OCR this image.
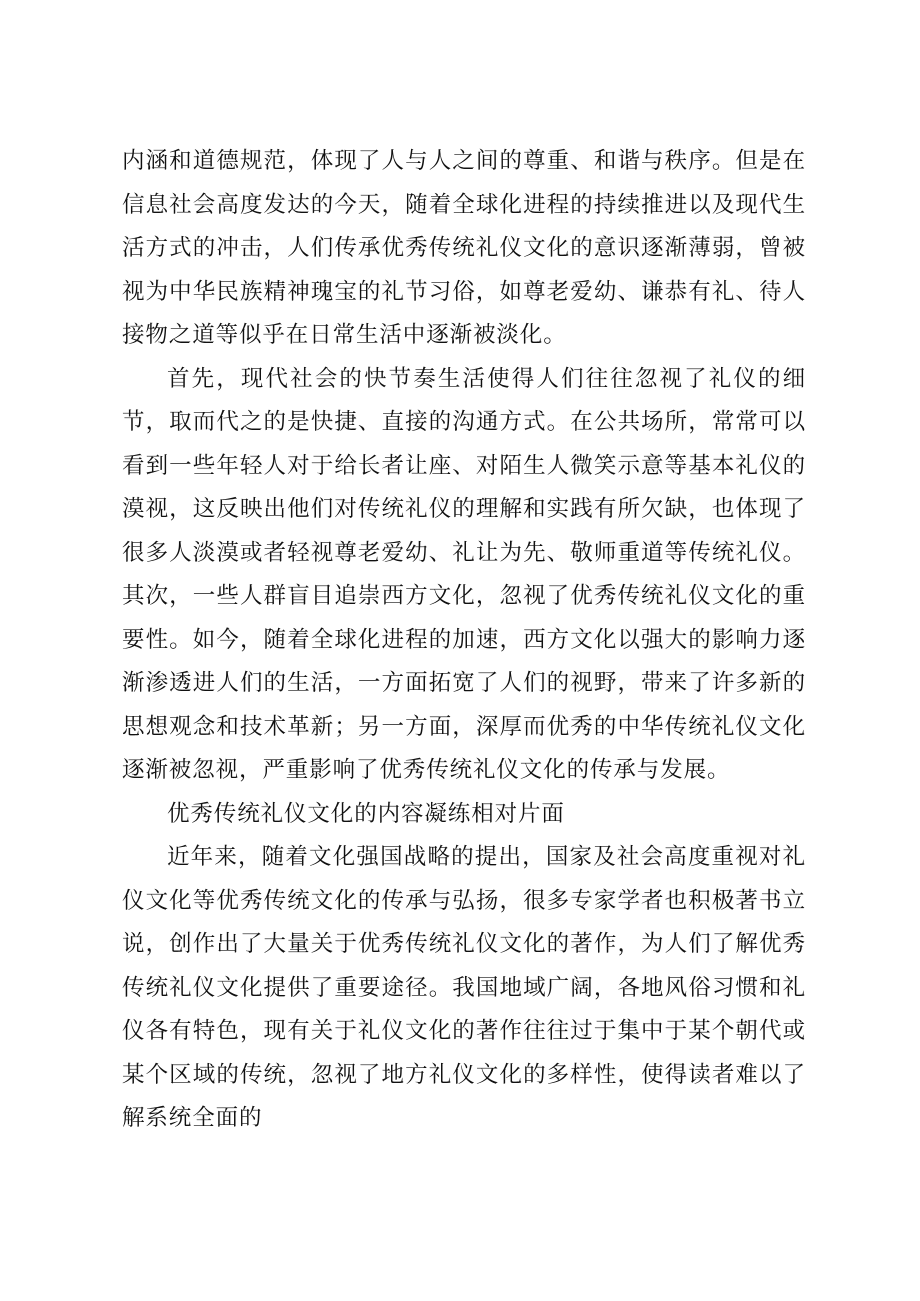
内涵和道德规范，体现了人与人之间的尊重、和谐与秩序。但是在信息社会高度发达的今天，随着全球化进程的持续推进以及现代生活方式的冲击，人们传承优秀传统礼仪文化的意识逐渐薄弱，曾被视为中华民族精神瑰宝的礼节习俗，如尊老爱幼、谦恭有礼、待人接物之道等似乎在日常生活中逐渐被淡化。

首先，现代社会的快节奏生活使得人们往往忽视了礼仪的细节，取而代之的是快捷、直接的沟通方式。在公共场所，常常可以看到一些年轻人对于给长者让座、对陌生人微笑示意等基本礼仪的漠视，这反映出他们对传统礼仪的理解和实践有所欠缺，也体现了很多人淡漠或者轻视尊老爱幼、礼让为先、敬师重道等传统礼仪。其次，一些人群盲目追崇西方文化，忽视了优秀传统礼仪文化的重要性。如今，随着全球化进程的加速，西方文化以强大的影响力逐渐渗透进人们的生活，一方面拓宽了人们的视野，带来了许多新的思想观念和技术革新；另一方面，深厚而优秀的中华传统礼仪文化逐渐被忽视，严重影响了优秀传统礼仪文化的传承与发展。

优秀传统礼仪文化的内容凝练相对片面

近年来，随着文化强国战略的提出，国家及社会高度重视对礼仪文化等优秀传统文化的传承与弘扬，很多专家学者也积极著书立说，创作出了大量关于优秀传统礼仪文化的著作，为人们了解优秀传统礼仪文化提供了重要途径。我国地域广阔，各地风俗习惯和礼仪各有特色，现有关于礼仪文化的著作往往过于集中于某个朝代或某个区域的传统，忽视了地方礼仪文化的多样性，使得读者难以了解系统全面的
